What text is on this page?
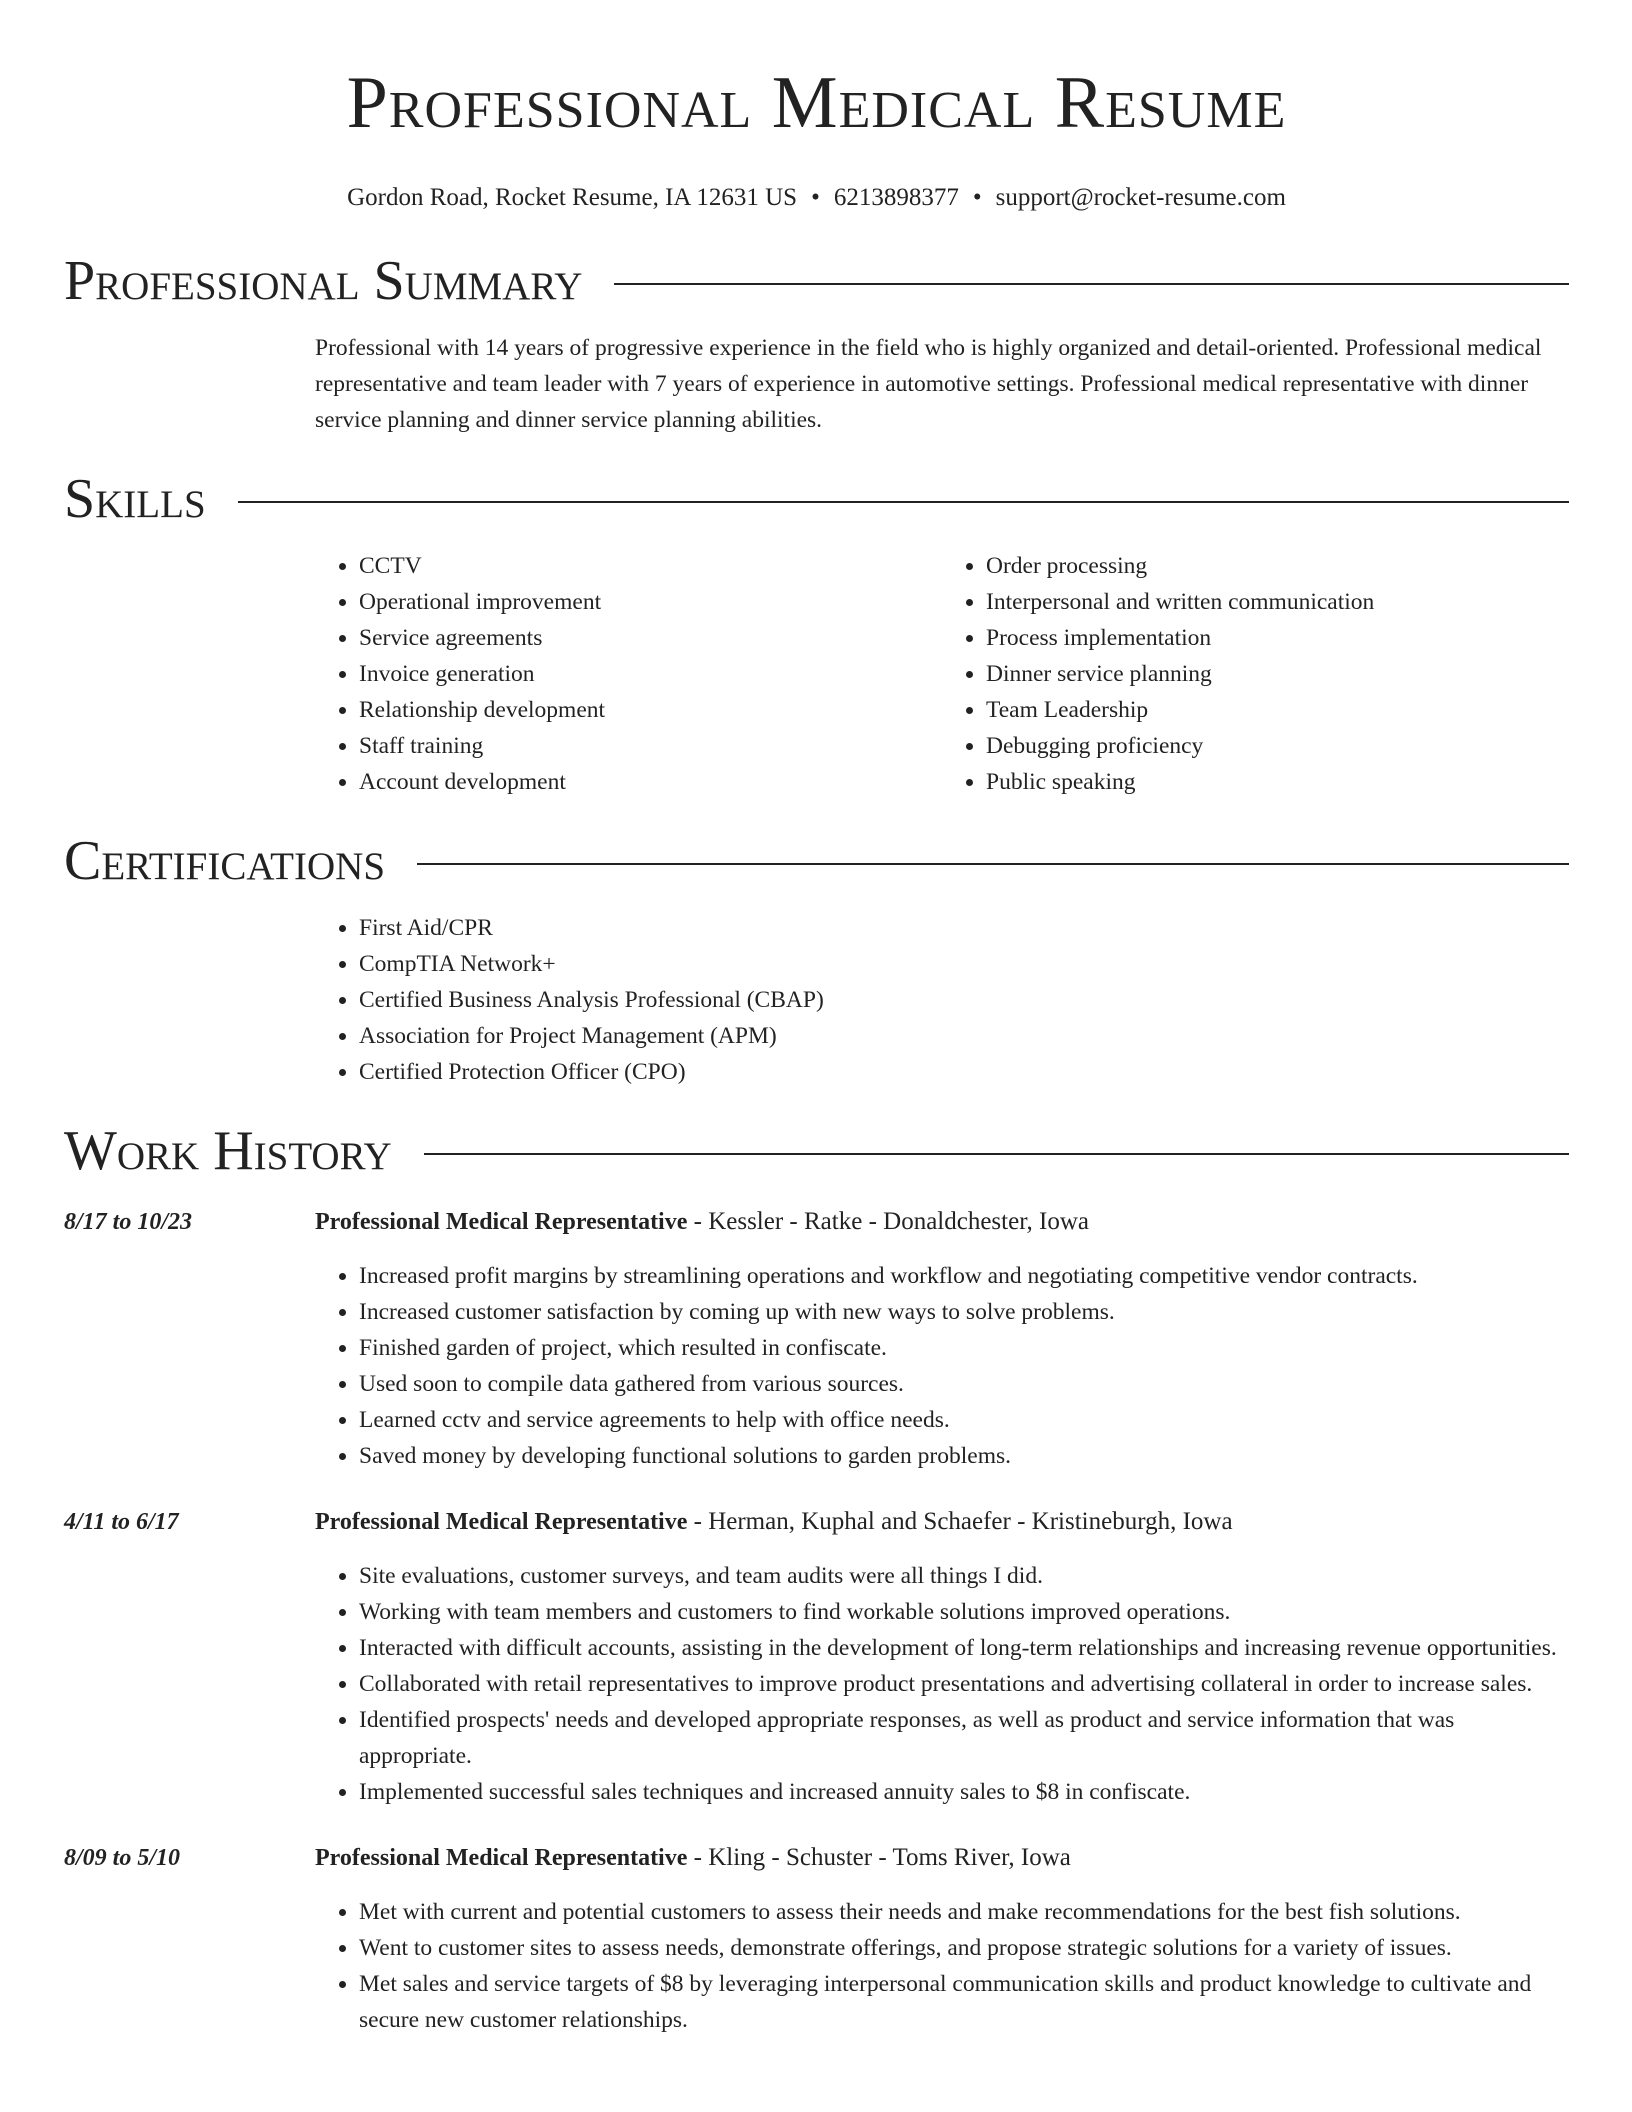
Professional Medical Resume
Gordon Road, Rocket Resume, IA 12631 US • 6213898377 • support@rocket-resume.com
Professional Summary
Professional with 14 years of progressive experience in the field who is highly organized and detail-oriented. Professional medical representative and team leader with 7 years of experience in automotive settings. Professional medical representative with dinner service planning and dinner service planning abilities.
Skills
• CCTV
• Operational improvement
• Service agreements
• Invoice generation
• Relationship development
• Staff training
• Account development
• Order processing
• Interpersonal and written communication
• Process implementation
• Dinner service planning
• Team Leadership
• Debugging proficiency
• Public speaking
Certifications
• First Aid/CPR
• CompTIA Network+
• Certified Business Analysis Professional (CBAP)
• Association for Project Management (APM)
• Certified Protection Officer (CPO)
Work History
8/17 to 10/23	Professional Medical Representative - Kessler - Ratke - Donaldchester, Iowa
• Increased profit margins by streamlining operations and workflow and negotiating competitive vendor contracts.
• Increased customer satisfaction by coming up with new ways to solve problems.
• Finished garden of project, which resulted in confiscate.
• Used soon to compile data gathered from various sources.
• Learned cctv and service agreements to help with office needs.
• Saved money by developing functional solutions to garden problems.
4/11 to 6/17	Professional Medical Representative - Herman, Kuphal and Schaefer - Kristineburgh, Iowa
• Site evaluations, customer surveys, and team audits were all things I did.
• Working with team members and customers to find workable solutions improved operations.
• Interacted with difficult accounts, assisting in the development of long-term relationships and increasing revenue opportunities.
• Collaborated with retail representatives to improve product presentations and advertising collateral in order to increase sales.
• Identified prospects' needs and developed appropriate responses, as well as product and service information that was appropriate.
• Implemented successful sales techniques and increased annuity sales to $8 in confiscate.
8/09 to 5/10	Professional Medical Representative - Kling - Schuster - Toms River, Iowa
• Met with current and potential customers to assess their needs and make recommendations for the best fish solutions.
• Went to customer sites to assess needs, demonstrate offerings, and propose strategic solutions for a variety of issues.
• Met sales and service targets of $8 by leveraging interpersonal communication skills and product knowledge to cultivate and secure new customer relationships.
